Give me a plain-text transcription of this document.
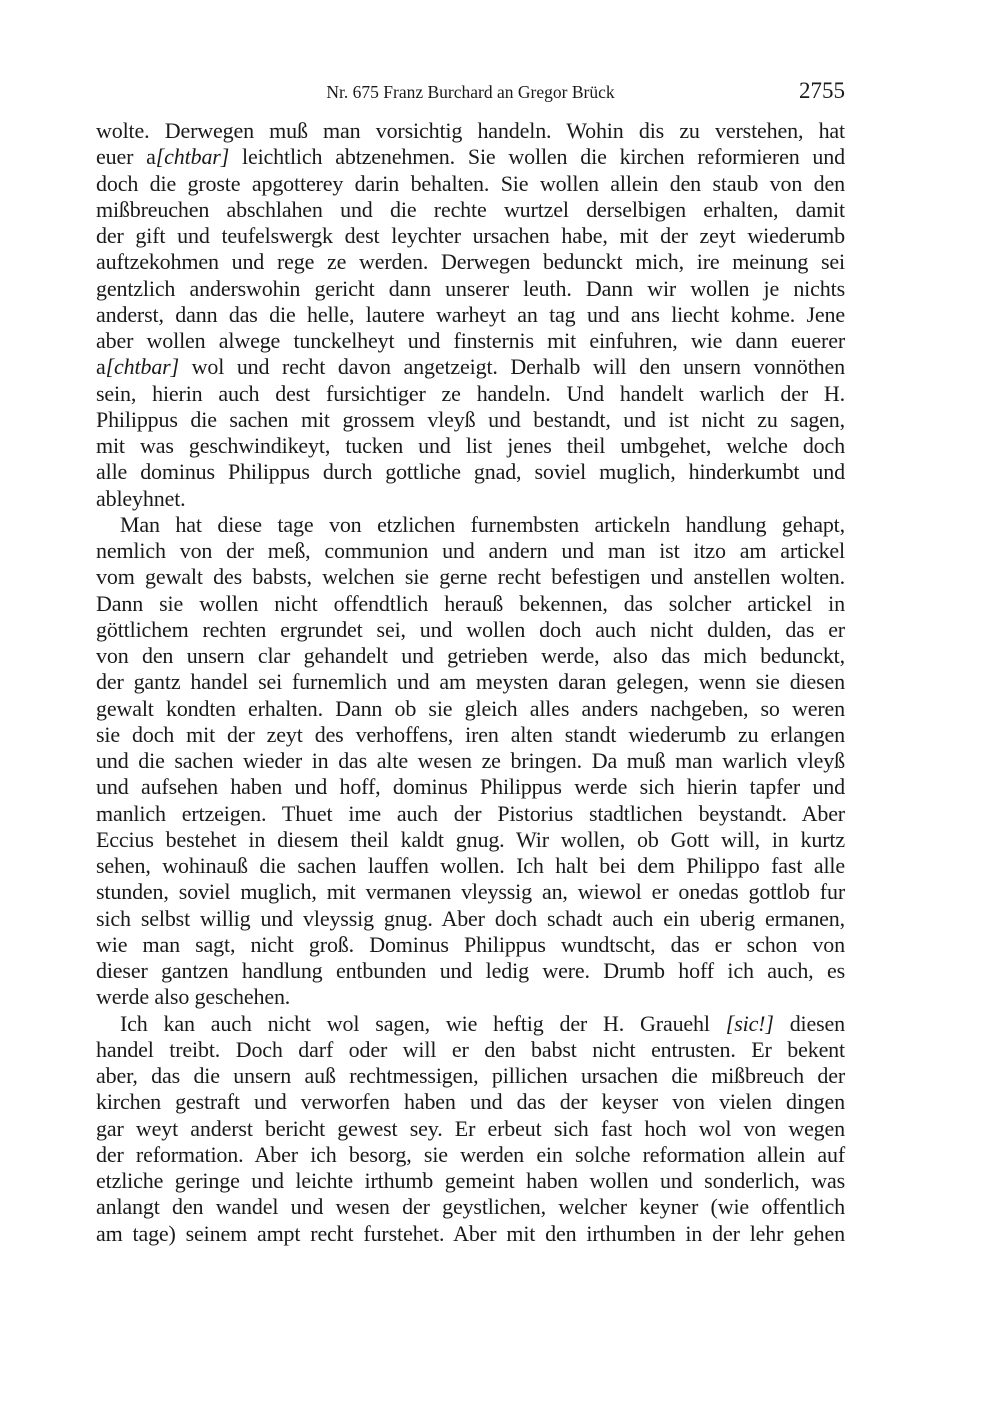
Nr. 675 Franz Burchard an Gregor Brück	2755
wolte. Derwegen muß man vorsichtig handeln. Wohin dis zu verstehen, hat
euer a[chtbar] leichtlich abtzenehmen. Sie wollen die kirchen reformieren und
doch die groste apgotterey darin behalten. Sie wollen allein den staub von den
mißbreuchen abschlahen und die rechte wurtzel derselbigen erhalten, damit
der gift und teufelswergk dest leychter ursachen habe, mit der zeyt wiederumb
auftzekohmen und rege ze werden. Derwegen bedunckt mich, ire meinung sei
gentzlich anderswohin gericht dann unserer leuth. Dann wir wollen je nichts
anderst, dann das die helle, lautere warheyt an tag und ans liecht kohme. Jene
aber wollen alwege tunckelheyt und finsternis mit einfuhren, wie dann euerer
a[chtbar] wol und recht davon angetzeigt. Derhalb will den unsern vonnöthen
sein, hierin auch dest fursichtiger ze handeln. Und handelt warlich der H.
Philippus die sachen mit grossem vleyß und bestandt, und ist nicht zu sagen,
mit was geschwindikeyt, tucken und list jenes theil umbgehet, welche doch
alle dominus Philippus durch gottliche gnad, soviel muglich, hinderkumbt und
ableyhnet.
Man hat diese tage von etzlichen furnembsten artickeln handlung gehapt,
nemlich von der meß, communion und andern und man ist itzo am artickel
vom gewalt des babsts, welchen sie gerne recht befestigen und anstellen wolten.
Dann sie wollen nicht offendtlich herauß bekennen, das solcher artickel in
göttlichem rechten ergrundet sei, und wollen doch auch nicht dulden, das er
von den unsern clar gehandelt und getrieben werde, also das mich bedunckt,
der gantz handel sei furnemlich und am meysten daran gelegen, wenn sie diesen
gewalt kondten erhalten. Dann ob sie gleich alles anders nachgeben, so weren
sie doch mit der zeyt des verhoffens, iren alten standt wiederumb zu erlangen
und die sachen wieder in das alte wesen ze bringen. Da muß man warlich vleyß
und aufsehen haben und hoff, dominus Philippus werde sich hierin tapfer und
manlich ertzeigen. Thuet ime auch der Pistorius stadtlichen beystandt. Aber
Eccius bestehet in diesem theil kaldt gnug. Wir wollen, ob Gott will, in kurtz
sehen, wohinauß die sachen lauffen wollen. Ich halt bei dem Philippo fast alle
stunden, soviel muglich, mit vermanen vleyssig an, wiewol er onedas gottlob fur
sich selbst willig und vleyssig gnug. Aber doch schadt auch ein uberig ermanen,
wie man sagt, nicht groß. Dominus Philippus wundtscht, das er schon von
dieser gantzen handlung entbunden und ledig were. Drumb hoff ich auch, es
werde also geschehen.
Ich kan auch nicht wol sagen, wie heftig der H. Grauehl [sic!] diesen
handel treibt. Doch darf oder will er den babst nicht entrusten. Er bekent
aber, das die unsern auß rechtmessigen, pillichen ursachen die mißbreuch der
kirchen gestraft und verworfen haben und das der keyser von vielen dingen
gar weyt anderst bericht gewest sey. Er erbeut sich fast hoch wol von wegen
der reformation. Aber ich besorg, sie werden ein solche reformation allein auf
etzliche geringe und leichte irthumb gemeint haben wollen und sonderlich, was
anlangt den wandel und wesen der geystlichen, welcher keyner (wie offentlich
am tage) seinem ampt recht furstehet. Aber mit den irthumben in der lehr gehen
